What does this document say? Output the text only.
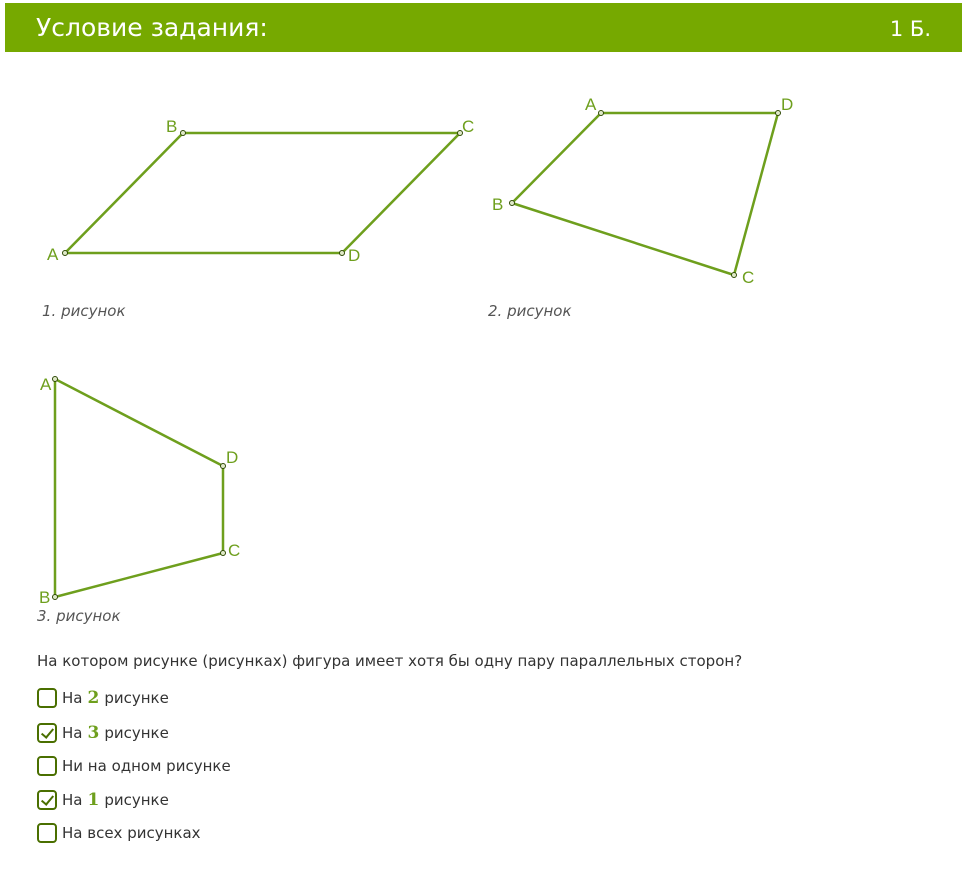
Условие задания:	1 Б.
A
B	C
D
A	D
C
B
A
D
C
B
1. рисунок	2. рисунок
3. рисунок
На котором рисунке (рисунках) фигура имеет хотя бы одну пару параллельных сторон?
На 2 рисунке
На 3 рисунке
Ни на одном рисунке
На 1 рисунке
На всех рисунках
